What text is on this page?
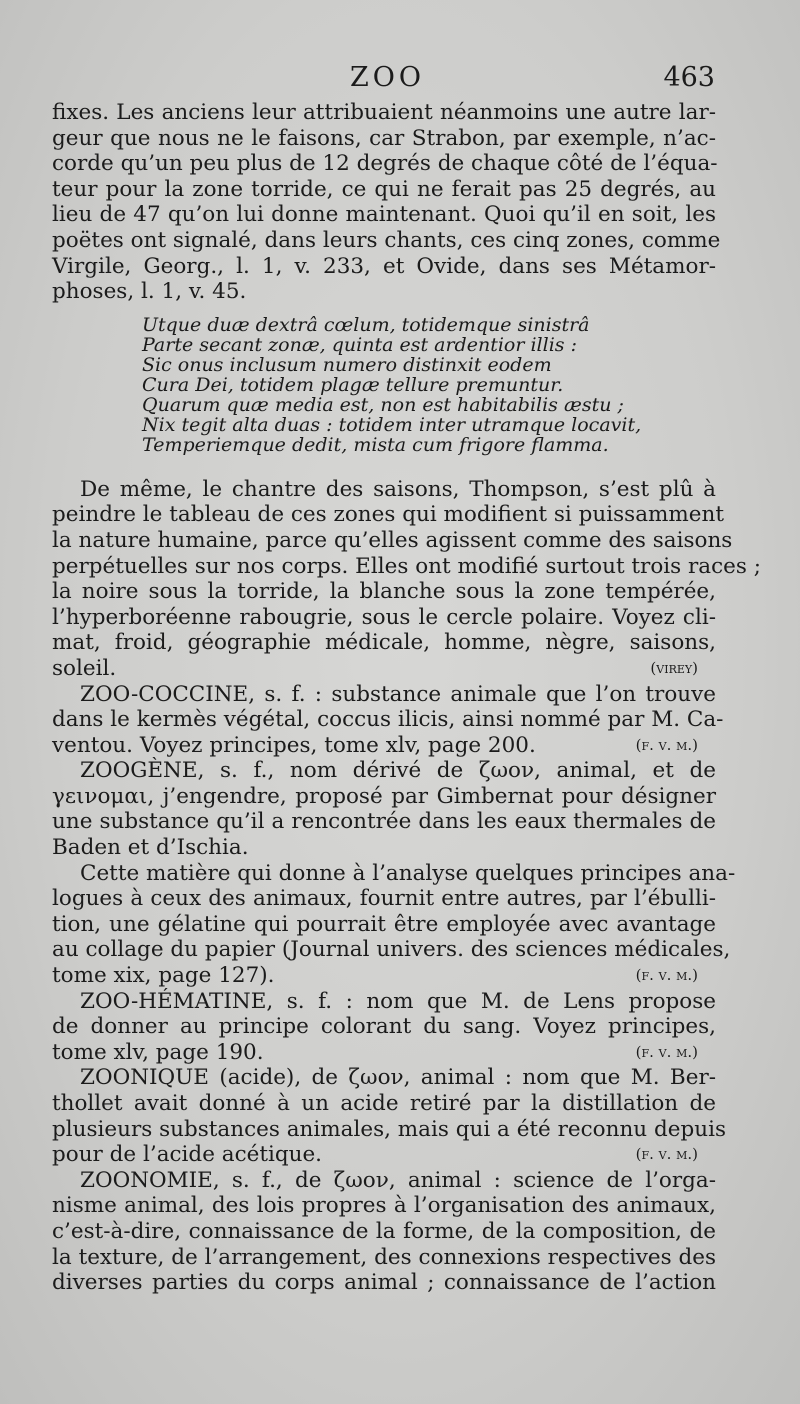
ZOO	463
fixes. Les anciens leur attribuaient néanmoins une autre lar-
geur que nous ne le faisons, car Strabon, par exemple, n’ac-
corde qu’un peu plus de 12 degrés de chaque côté de l’équa-
teur pour la zone torride, ce qui ne ferait pas 25 degrés, au
lieu de 47 qu’on lui donne maintenant. Quoi qu’il en soit, les
poëtes ont signalé, dans leurs chants, ces cinq zones, comme
Virgile, Georg., l. 1, v. 233, et Ovide, dans ses Métamor-
phoses, l. 1, v. 45.
Utque duæ dextrâ cœlum, totidemque sinistrâ
Parte secant zonæ, quinta est ardentior illis :
Sic onus inclusum numero distinxit eodem
Cura Dei, totidem plagæ tellure premuntur.
Quarum quæ media est, non est habitabilis æstu ;
Nix tegit alta duas : totidem inter utramque locavit,
Temperiemque dedit, mista cum frigore flamma.
De même, le chantre des saisons, Thompson, s’est plû à
peindre le tableau de ces zones qui modifient si puissamment
la nature humaine, parce qu’elles agissent comme des saisons
perpétuelles sur nos corps. Elles ont modifié surtout trois races ;
la noire sous la torride, la blanche sous la zone tempérée,
l’hyperboréenne rabougrie, sous le cercle polaire. Voyez cli-
mat, froid, géographie médicale, homme, nègre, saisons,
soleil.	(virey)
ZOO-COCCINE, s. f. : substance animale que l’on trouve
dans le kermès végétal, coccus ilicis, ainsi nommé par M. Ca-
ventou. Voyez principes, tome xlv, page 200.	(f. v. m.)
ZOOGÈNE, s. f., nom dérivé de ζωον, animal, et de
γεινομαι, j’engendre, proposé par Gimbernat pour désigner
une substance qu’il a rencontrée dans les eaux thermales de
Baden et d’Ischia.
Cette matière qui donne à l’analyse quelques principes ana-
logues à ceux des animaux, fournit entre autres, par l’ébulli-
tion, une gélatine qui pourrait être employée avec avantage
au collage du papier (Journal univers. des sciences médicales,
tome xix, page 127).	(f. v. m.)
ZOO-HÉMATINE, s. f. : nom que M. de Lens propose
de donner au principe colorant du sang. Voyez principes,
tome xlv, page 190.	(f. v. m.)
ZOONIQUE (acide), de ζωον, animal : nom que M. Ber-
thollet avait donné à un acide retiré par la distillation de
plusieurs substances animales, mais qui a été reconnu depuis
pour de l’acide acétique.	(f. v. m.)
ZOONOMIE, s. f., de ζωον, animal : science de l’orga-
nisme animal, des lois propres à l’organisation des animaux,
c’est-à-dire, connaissance de la forme, de la composition, de
la texture, de l’arrangement, des connexions respectives des
diverses parties du corps animal ; connaissance de l’action
